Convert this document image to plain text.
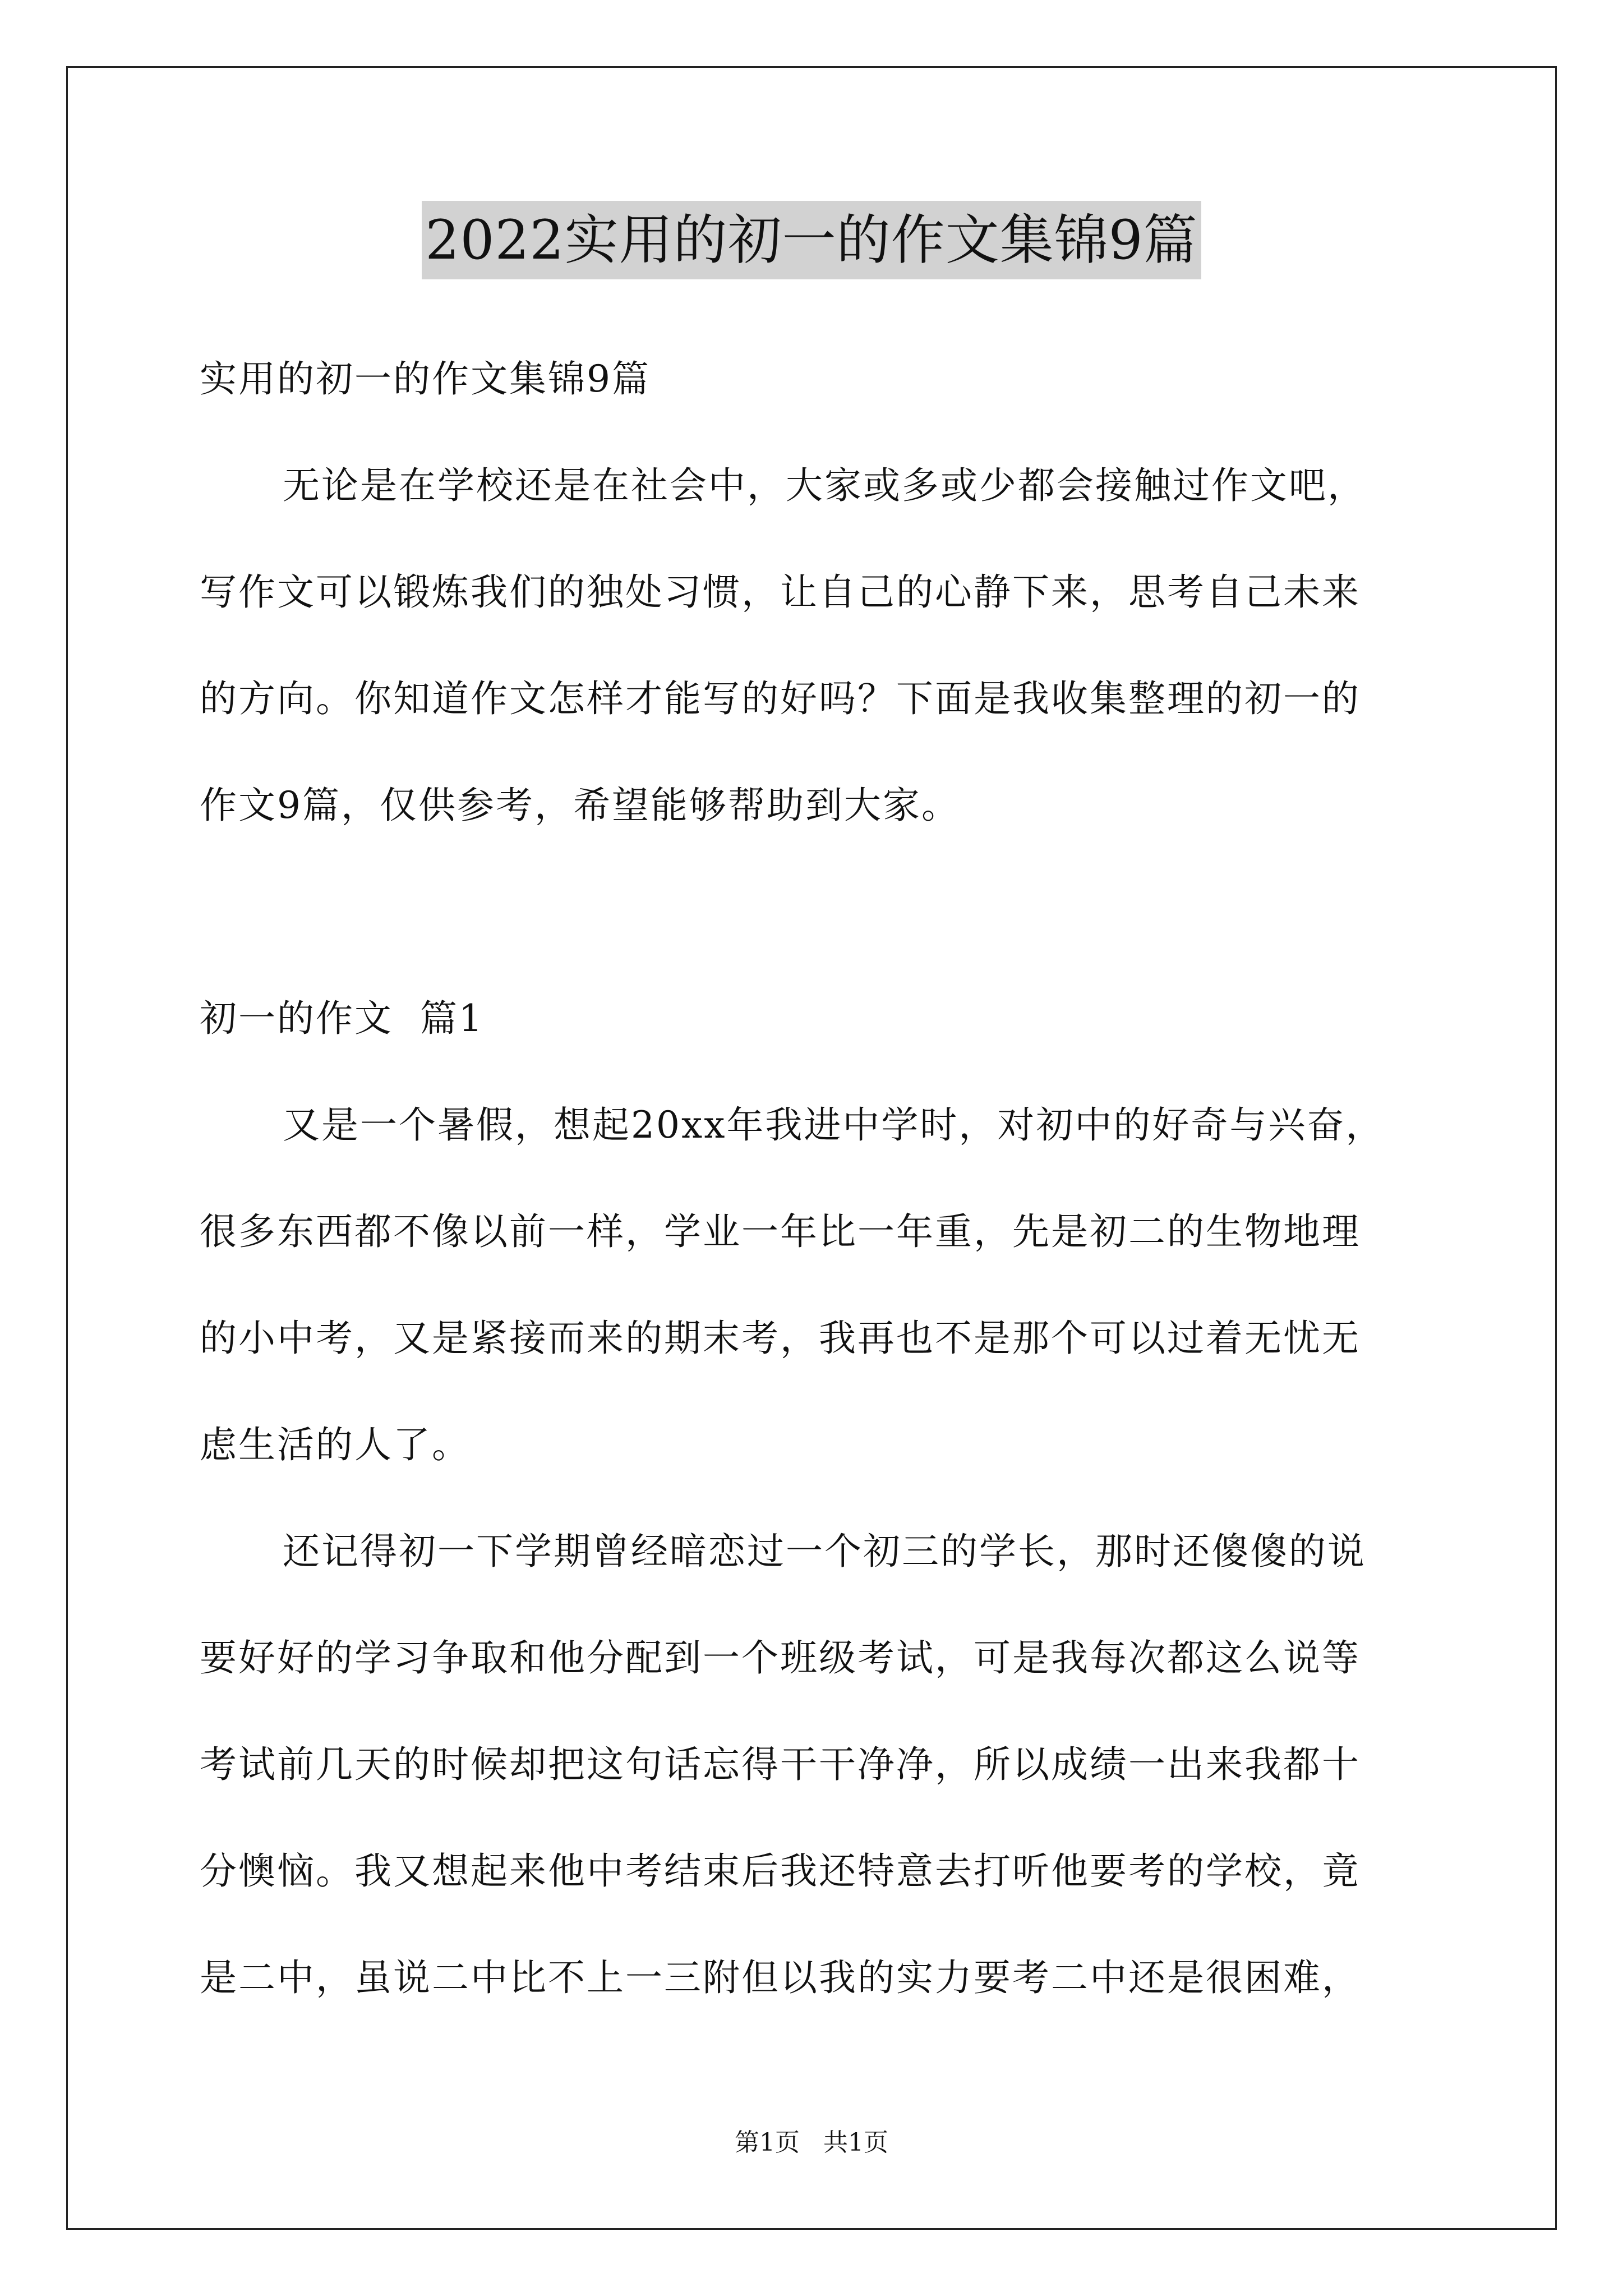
2022实用的初一的作文集锦9篇
实用的初一的作文集锦9篇
无论是在学校还是在社会中，大家或多或少都会接触过作文吧，
写作文可以锻炼我们的独处习惯，让自己的心静下来，思考自己未来
的方向。你知道作文怎样才能写的好吗？下面是我收集整理的初一的
作文9篇，仅供参考，希望能够帮助到大家。
初一的作文  篇1
又是一个暑假，想起20xx年我进中学时，对初中的好奇与兴奋，
很多东西都不像以前一样，学业一年比一年重，先是初二的生物地理
的小中考，又是紧接而来的期末考，我再也不是那个可以过着无忧无
虑生活的人了。
还记得初一下学期曾经暗恋过一个初三的学长，那时还傻傻的说
要好好的学习争取和他分配到一个班级考试，可是我每次都这么说等
考试前几天的时候却把这句话忘得干干净净，所以成绩一出来我都十
分懊恼。我又想起来他中考结束后我还特意去打听他要考的学校，竟
是二中，虽说二中比不上一三附但以我的实力要考二中还是很困难，
第1页 共1页
